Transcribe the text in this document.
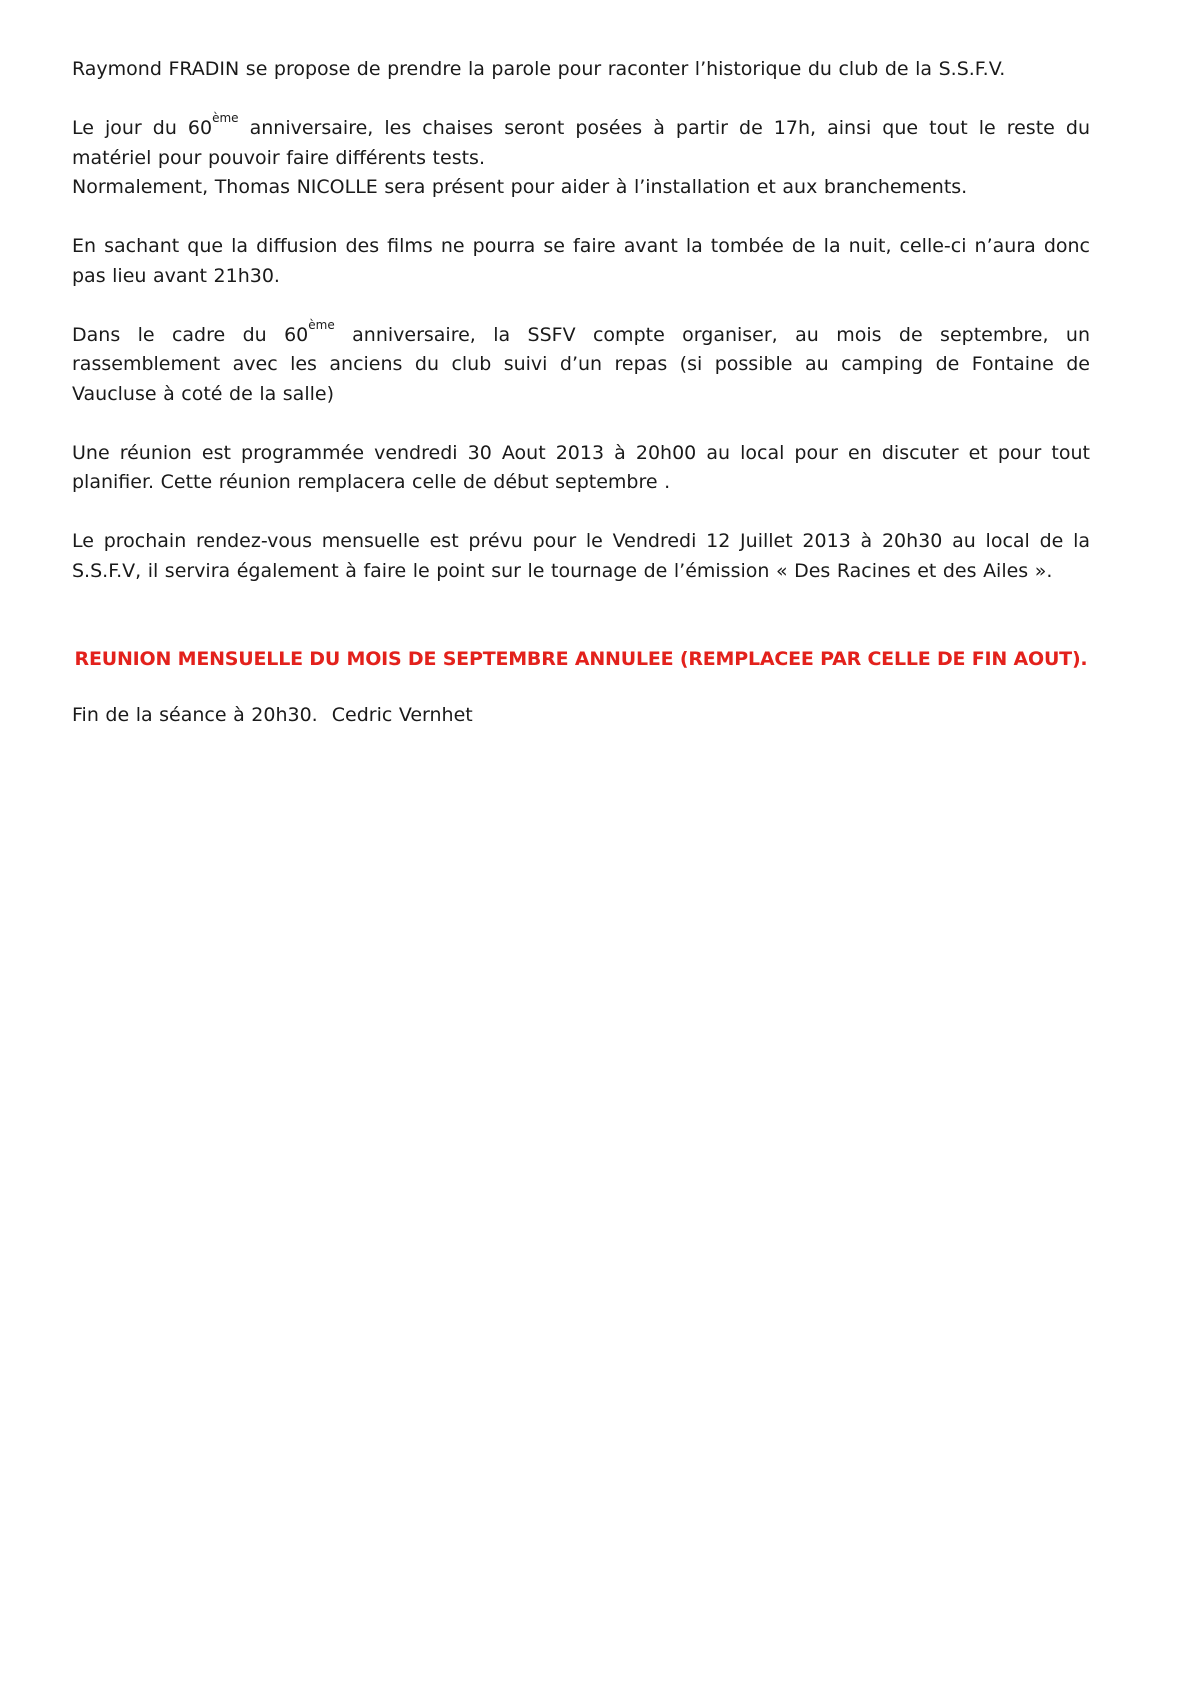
Raymond FRADIN se propose de prendre la parole pour raconter l’historique du club de la S.S.F.V.

Le jour du 60ème anniversaire, les chaises seront posées à partir de 17h, ainsi que tout le reste du matériel pour pouvoir faire différents tests.

Normalement, Thomas NICOLLE sera présent pour aider à l’installation et aux branchements.

En sachant que la diffusion des films ne pourra se faire avant la tombée de la nuit, celle-ci n’aura donc pas lieu avant 21h30.

Dans le cadre du 60ème anniversaire, la SSFV compte organiser, au mois de septembre, un rassemblement avec les anciens du club suivi d’un repas (si possible au camping de Fontaine de Vaucluse à coté de la salle)

Une réunion est programmée vendredi 30 Aout 2013 à 20h00 au local pour en discuter et pour tout planifier. Cette réunion remplacera celle de début septembre .

Le prochain rendez-vous mensuelle est prévu pour le Vendredi 12 Juillet 2013 à 20h30 au local de la S.S.F.V, il servira également à faire le point sur le tournage de l’émission « Des Racines et des Ailes ».

REUNION MENSUELLE DU MOIS DE SEPTEMBRE ANNULEE (REMPLACEE PAR CELLE DE FIN AOUT).

Fin de la séance à 20h30. Cedric Vernhet
